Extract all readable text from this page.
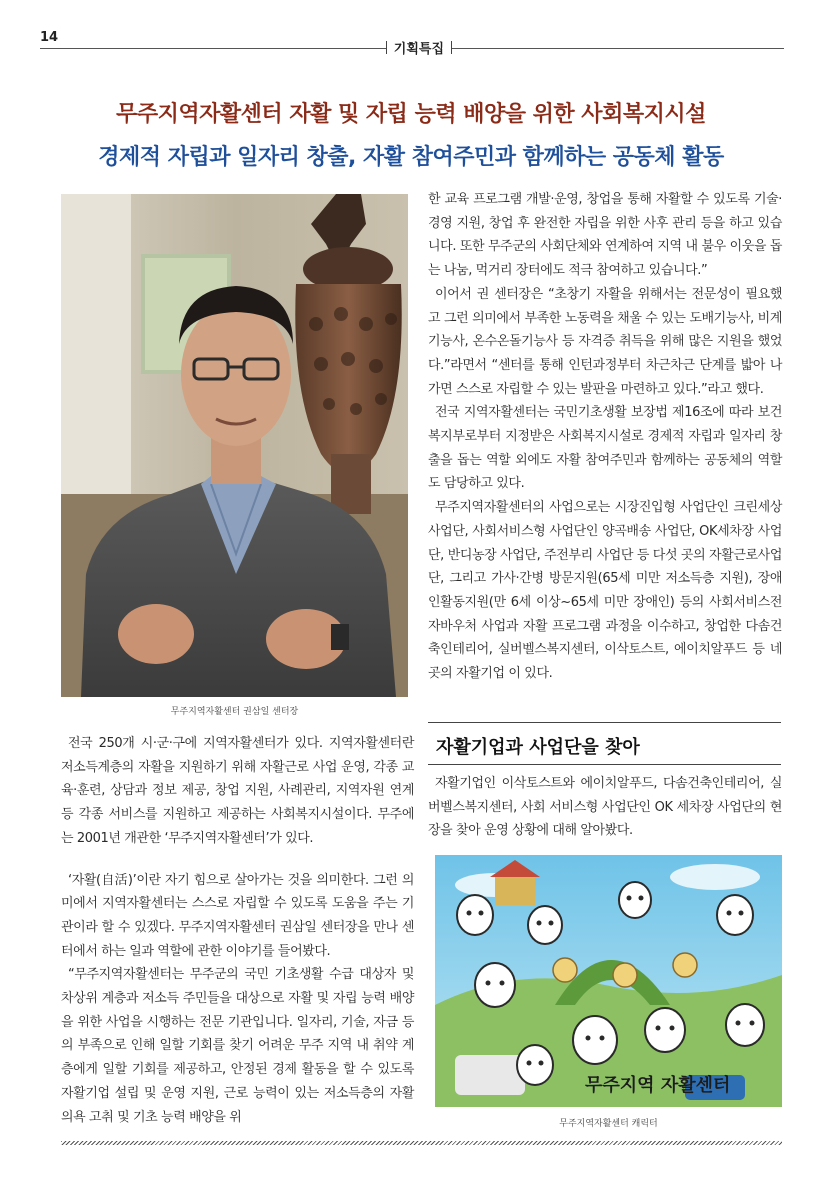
14
기획특집
무주지역자활센터 자활 및 자립 능력 배양을 위한 사회복지시설
경제적 자립과 일자리 창출, 자활 참여주민과 함께하는 공동체 활동
무주지역자활센터 권삼일 센터장

전국 250개 시·군·구에 지역자활센터가 있다. 지역자활센터란 저소득계층의 자활을 지원하기 위해 자활근로 사업 운영, 각종 교육·훈련, 상담과 정보 제공, 창업 지원, 사례관리, 지역자원 연계 등 각종 서비스를 지원하고 제공하는 사회복지시설이다. 무주에는 2001년 개관한 ‘무주지역자활센터’가 있다.

‘자활(自活)’이란 자기 힘으로 살아가는 것을 의미한다. 그런 의미에서 지역자활센터는 스스로 자립할 수 있도록 도움을 주는 기관이라 할 수 있겠다. 무주지역자활센터 권삼일 센터장을 만나 센터에서 하는 일과 역할에 관한 이야기를 들어봤다.

“무주지역자활센터는 무주군의 국민 기초생활 수급 대상자 및 차상위 계층과 저소득 주민들을 대상으로 자활 및 자립 능력 배양을 위한 사업을 시행하는 전문 기관입니다. 일자리, 기술, 자금 등의 부족으로 인해 일할 기회를 찾기 어려운 무주 지역 내 취약 계층에게 일할 기회를 제공하고, 안정된 경제 활동을 할 수 있도록 자활기업 설립 및 운영 지원, 근로 능력이 있는 저소득층의 자활 의욕 고취 및 기초 능력 배양을 위

한 교육 프로그램 개발·운영, 창업을 통해 자활할 수 있도록 기술·경영 지원, 창업 후 완전한 자립을 위한 사후 관리 등을 하고 있습니다. 또한 무주군의 사회단체와 연계하여 지역 내 불우 이웃을 돕는 나눔, 먹거리 장터에도 적극 참여하고 있습니다.”

이어서 권 센터장은 “초창기 자활을 위해서는 전문성이 필요했고 그런 의미에서 부족한 노동력을 채울 수 있는 도배기능사, 비계기능사, 온수온돌기능사 등 자격증 취득을 위해 많은 지원을 했었다.”라면서 “센터를 통해 인턴과정부터 차근차근 단계를 밟아 나가면 스스로 자립할 수 있는 발판을 마련하고 있다.”라고 했다.

전국 지역자활센터는 국민기초생활 보장법 제16조에 따라 보건복지부로부터 지정받은 사회복지시설로 경제적 자립과 일자리 창출을 돕는 역할 외에도 자활 참여주민과 함께하는 공동체의 역할도 담당하고 있다.

무주지역자활센터의 사업으로는 시장진입형 사업단인 크린세상 사업단, 사회서비스형 사업단인 양곡배송 사업단, OK세차장 사업단, 반디농장 사업단, 주전부리 사업단 등 다섯 곳의 자활근로사업단, 그리고 가사·간병 방문지원(65세 미만 저소득층 지원), 장애인활동지원(만 6세 이상~65세 미만 장애인) 등의 사회서비스전자바우처 사업과 자활 프로그램 과정을 이수하고, 창업한 다솜건축인테리어, 실버벨스복지센터, 이삭토스트, 에이치알푸드 등 네 곳의 자활기업 이 있다.

자활기업과 사업단을 찾아

자활기업인 이삭토스트와 에이치알푸드, 다솜건축인테리어, 실버벨스복지센터, 사회 서비스형 사업단인 OK 세차장 사업단의 현장을 찾아 운영 상황에 대해 알아봤다.

무주지역 자활센터
무주지역자활센터 캐릭터
